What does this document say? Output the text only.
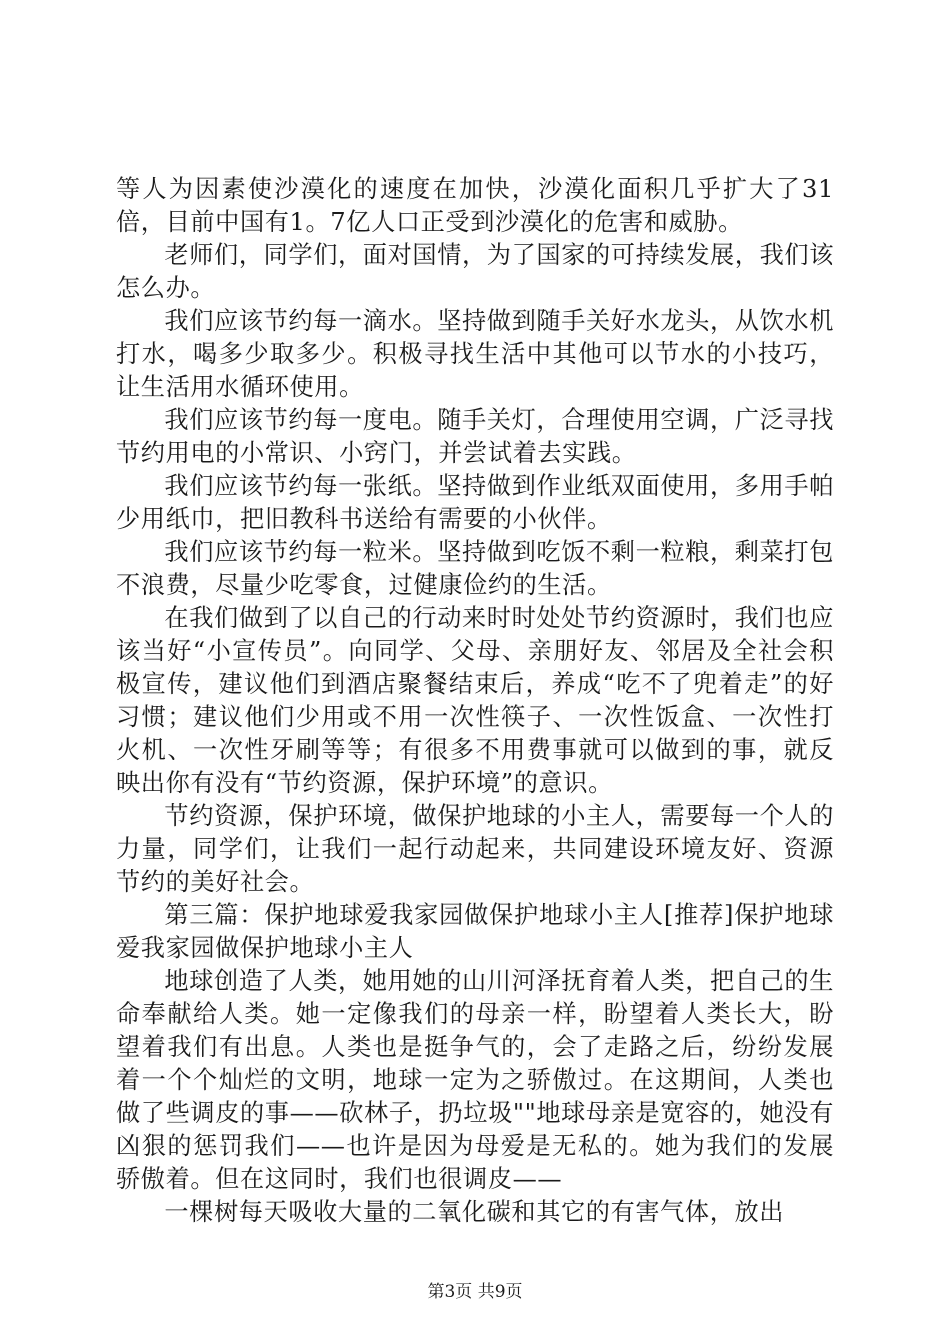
等人为因素使沙漠化的速度在加快，沙漠化面积几乎扩大了31倍，目前中国有1。7亿人口正受到沙漠化的危害和威胁。

老师们，同学们，面对国情，为了国家的可持续发展，我们该怎么办。

我们应该节约每一滴水。坚持做到随手关好水龙头，从饮水机打水，喝多少取多少。积极寻找生活中其他可以节水的小技巧，让生活用水循环使用。

我们应该节约每一度电。随手关灯，合理使用空调，广泛寻找节约用电的小常识、小窍门，并尝试着去实践。

我们应该节约每一张纸。坚持做到作业纸双面使用，多用手帕少用纸巾，把旧教科书送给有需要的小伙伴。

我们应该节约每一粒米。坚持做到吃饭不剩一粒粮，剩菜打包不浪费，尽量少吃零食，过健康俭约的生活。

在我们做到了以自己的行动来时时处处节约资源时，我们也应该当好“小宣传员”。向同学、父母、亲朋好友、邻居及全社会积极宣传，建议他们到酒店聚餐结束后，养成“吃不了兜着走”的好习惯；建议他们少用或不用一次性筷子、一次性饭盒、一次性打火机、一次性牙刷等等；有很多不用费事就可以做到的事，就反映出你有没有“节约资源，保护环境”的意识。

节约资源，保护环境，做保护地球的小主人，需要每一个人的力量，同学们，让我们一起行动起来，共同建设环境友好、资源节约的美好社会。

第三篇：保护地球爱我家园做保护地球小主人[推荐]保护地球爱我家园做保护地球小主人

地球创造了人类，她用她的山川河泽抚育着人类，把自己的生命奉献给人类。她一定像我们的母亲一样，盼望着人类长大，盼望着我们有出息。人类也是挺争气的，会了走路之后，纷纷发展着一个个灿烂的文明，地球一定为之骄傲过。在这期间，人类也做了些调皮的事——砍林子，扔垃圾""地球母亲是宽容的，她没有凶狠的惩罚我们——也许是因为母爱是无私的。她为我们的发展骄傲着。但在这同时，我们也很调皮——

一棵树每天吸收大量的二氧化碳和其它的有害气体，放出

第3页 共9页
